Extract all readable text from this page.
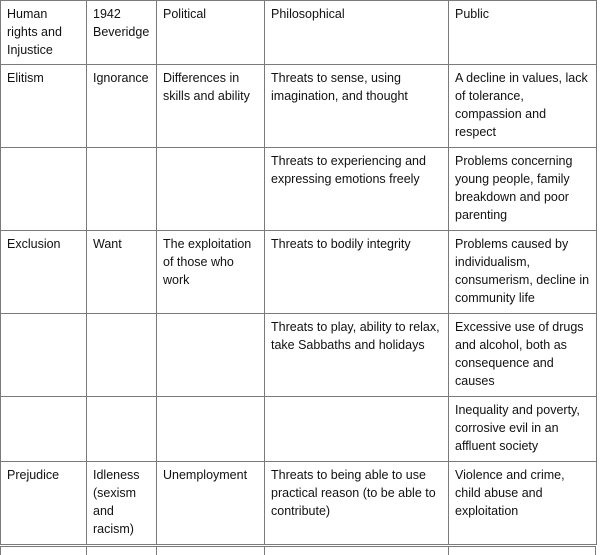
Human rights and Injustice	1942 Beveridge	Political	Philosophical	Public
Elitism	Ignorance	Differences in skills and ability	Threats to sense, using imagination, and thought	A decline in values, lack of tolerance, compassion and respect
			Threats to experiencing and expressing emotions freely	Problems concerning young people, family breakdown and poor parenting
Exclusion	Want	The exploitation of those who work	Threats to bodily integrity	Problems caused by individualism, consumerism, decline in community life
			Threats to play, ability to relax, take Sabbaths and holidays	Excessive use of drugs and alcohol, both as consequence and causes
				Inequality and poverty, corrosive evil in an affluent society
Prejudice	Idleness (sexism and racism)	Unemployment	Threats to being able to use practical reason (to be able to contribute)	Violence and crime, child abuse and exploitation
